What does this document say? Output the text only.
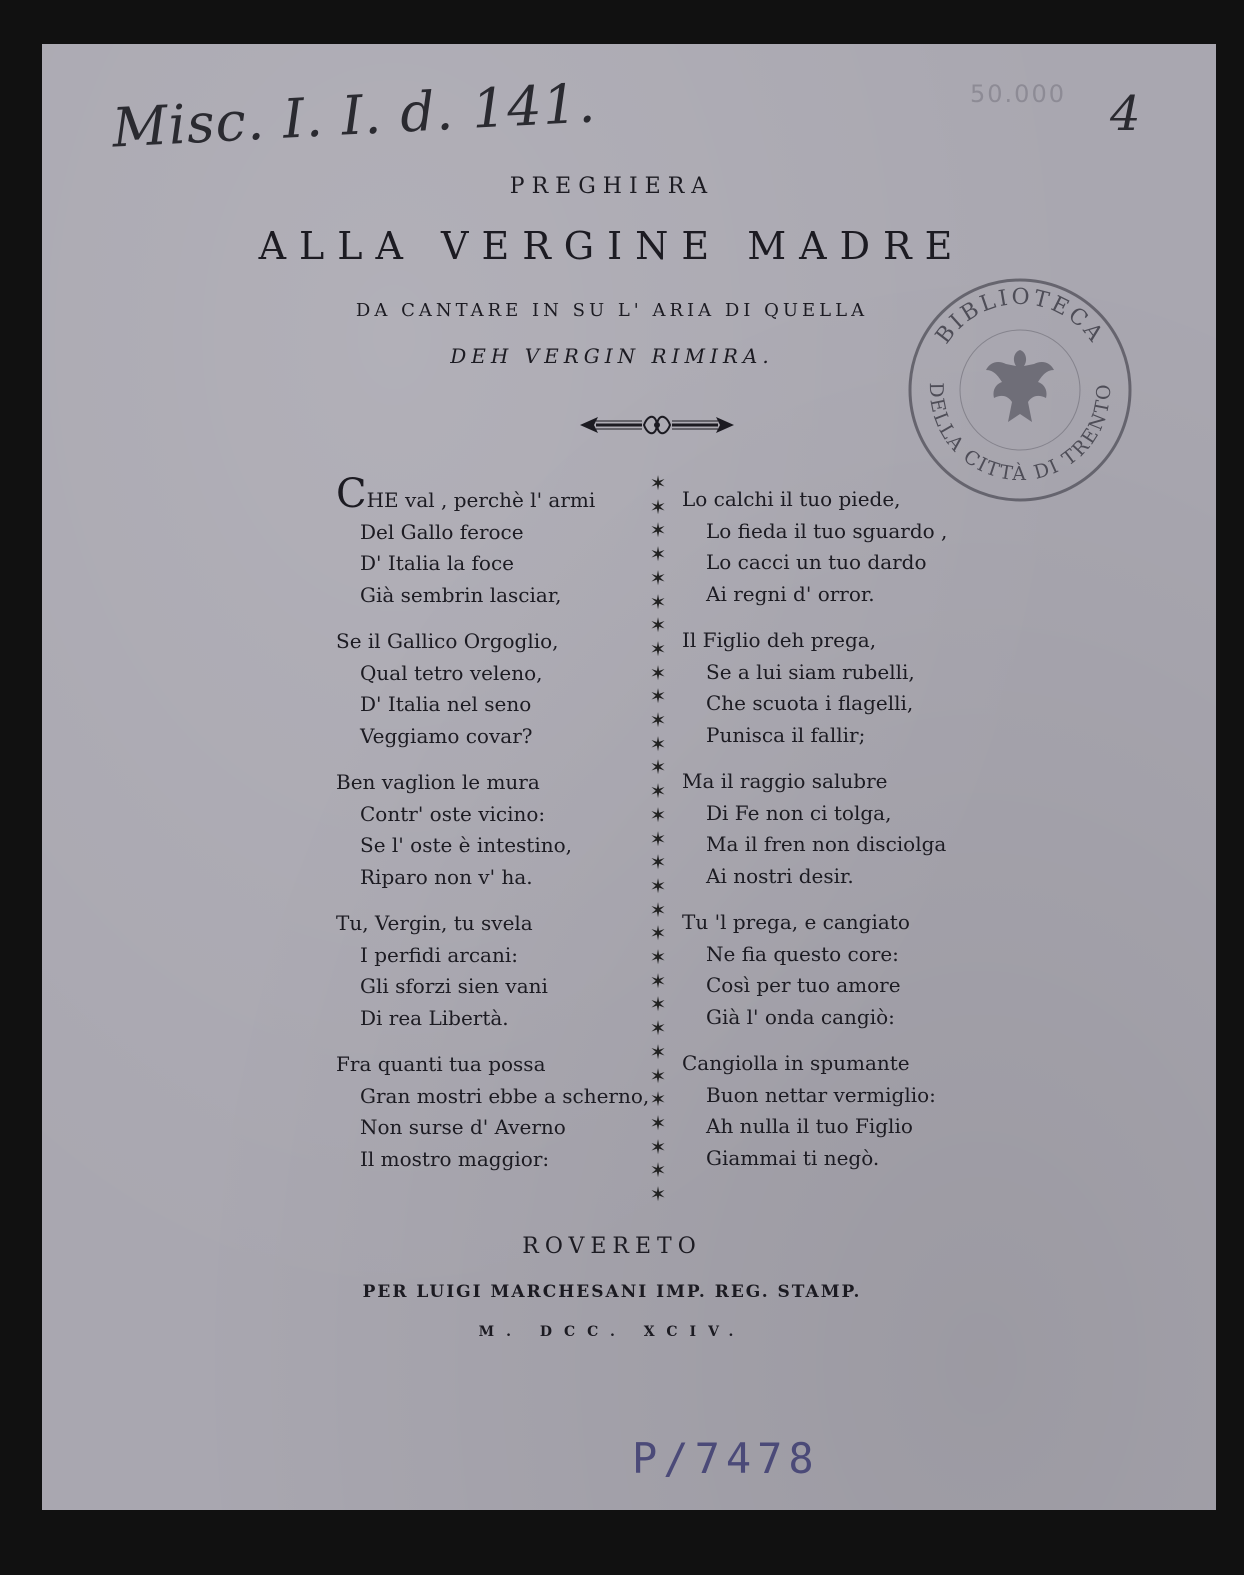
Misc. I. I. d. 141.	50.000 4
PREGHIERA
ALLA VERGINE MADRE
DA CANTARE IN SU L' ARIA DI QUELLA
DEH VERGIN RIMIRA.
BIBLIOTECA
DELLA CITTÀ DI TRENTO
CHE val , perchè l' armi
Del Gallo feroce
D' Italia la foce
Già sembrin lasciar,
Se il Gallico Orgoglio,
Qual tetro veleno,
D' Italia nel seno
Veggiamo covar?
Ben vaglion le mura
Contr' oste vicino:
Se l' oste è intestino,
Riparo non v' ha.
Tu, Vergin, tu svela
I perfidi arcani:
Gli sforzi sien vani
Di rea Libertà.
Fra quanti tua possa
Gran mostri ebbe a scherno,
Non surse d' Averno
Il mostro maggior:
✶
✶
✶
✶
✶
✶
✶
✶
✶
✶
✶
✶
✶
✶
✶
✶
✶
✶
✶
✶
✶
✶
✶
✶
✶
✶
✶
✶
✶
✶
✶
Lo calchi il tuo piede,
Lo fieda il tuo sguardo ,
Lo cacci un tuo dardo
Ai regni d' orror.
Il Figlio deh prega,
Se a lui siam rubelli,
Che scuota i flagelli,
Punisca il fallir;
Ma il raggio salubre
Di Fe non ci tolga,
Ma il fren non disciolga
Ai nostri desir.
Tu 'l prega, e cangiato
Ne fia questo core:
Così per tuo amore
Già l' onda cangiò:
Cangiolla in spumante
Buon nettar vermiglio:
Ah nulla il tuo Figlio
Giammai ti negò.
ROVERETO
PER LUIGI MARCHESANI IMP. REG. STAMP.
M. DCC. XCIV.
P/7478
